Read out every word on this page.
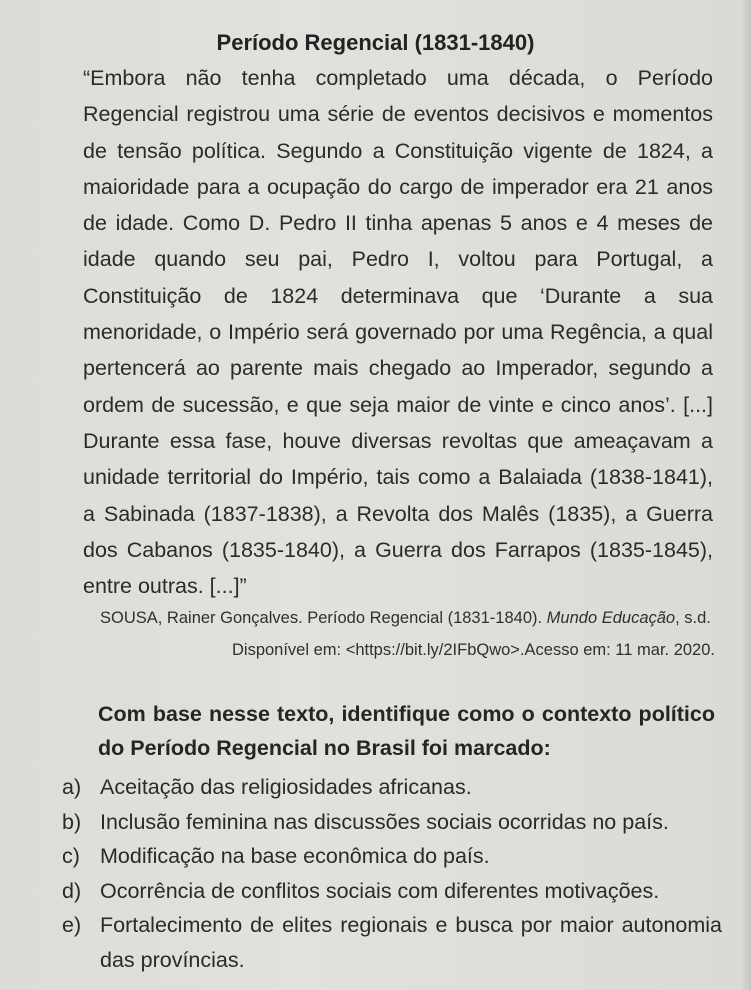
Período Regencial (1831-1840)
“Embora não tenha completado uma década, o Período Regencial registrou uma série de eventos decisivos e momentos de tensão política. Segundo a Constituição vigente de 1824, a maioridade para a ocupação do cargo de imperador era 21 anos de idade. Como D. Pedro II tinha apenas 5 anos e 4 meses de idade quando seu pai, Pedro I, voltou para Portugal, a Constituição de 1824 determinava que ‘Durante a sua menoridade, o Império será governado por uma Regência, a qual pertencerá ao parente mais chegado ao Imperador, segundo a ordem de sucessão, e que seja maior de vinte e cinco anos’. [...] Durante essa fase, houve diversas revoltas que ameaçavam a unidade territorial do Império, tais como a Balaiada (1838-1841), a Sabinada (1837-1838), a Revolta dos Malês (1835), a Guerra dos Cabanos (1835-1840), a Guerra dos Farrapos (1835-1845), entre outras. [...]”
SOUSA, Rainer Gonçalves. Período Regencial (1831-1840). Mundo Educação, s.d.
Disponível em: <https://bit.ly/2IFbQwo>.Acesso em: 11 mar. 2020.
Com base nesse texto, identifique como o contexto político do Período Regencial no Brasil foi marcado:
a) Aceitação das religiosidades africanas.
b) Inclusão feminina nas discussões sociais ocorridas no país.
c) Modificação na base econômica do país.
d) Ocorrência de conflitos sociais com diferentes motivações.
e) Fortalecimento de elites regionais e busca por maior autonomia das províncias.
